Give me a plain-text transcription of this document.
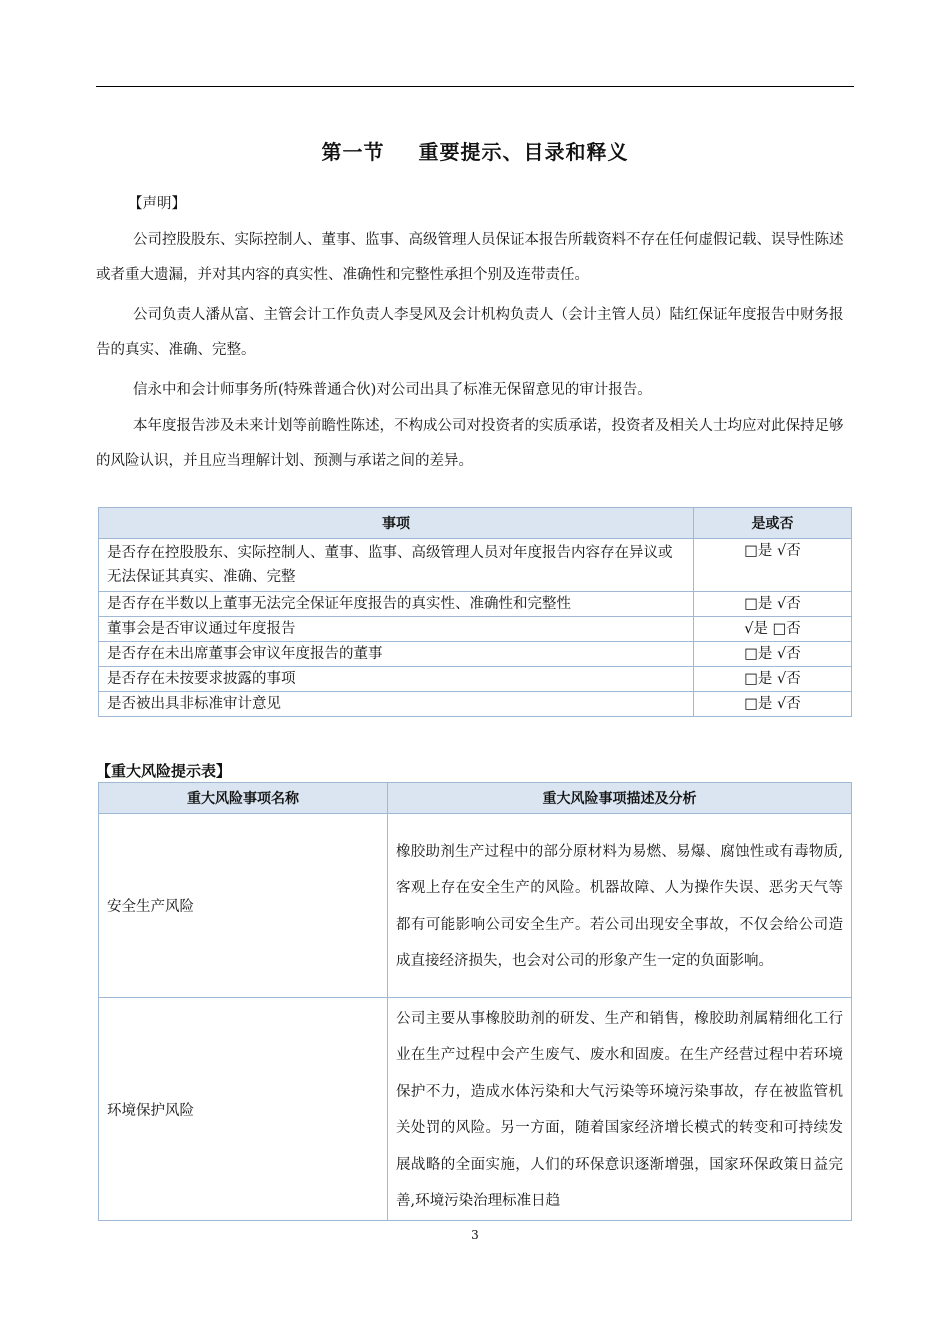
第一节 重要提示、目录和释义

【声明】

公司控股股东、实际控制人、董事、监事、高级管理人员保证本报告所载资料不存在任何虚假记载、误导性陈述或者重大遗漏，并对其内容的真实性、准确性和完整性承担个别及连带责任。

公司负责人潘从富、主管会计工作负责人李旻风及会计机构负责人（会计主管人员）陆红保证年度报告中财务报告的真实、准确、完整。

信永中和会计师事务所(特殊普通合伙)对公司出具了标准无保留意见的审计报告。

本年度报告涉及未来计划等前瞻性陈述，不构成公司对投资者的实质承诺，投资者及相关人士均应对此保持足够的风险认识，并且应当理解计划、预测与承诺之间的差异。

事项	是或否
是否存在控股股东、实际控制人、董事、监事、高级管理人员对年度报告内容存在异议或无法保证其真实、准确、完整	□是 √否
是否存在半数以上董事无法完全保证年度报告的真实性、准确性和完整性	□是 √否
董事会是否审议通过年度报告	√是 □否
是否存在未出席董事会审议年度报告的董事	□是 √否
是否存在未按要求披露的事项	□是 √否
是否被出具非标准审计意见	□是 √否
【重大风险提示表】
重大风险事项名称	重大风险事项描述及分析
安全生产风险	橡胶助剂生产过程中的部分原材料为易燃、易爆、腐蚀性或有毒物质,客观上存在安全生产的风险。机器故障、人为操作失误、恶劣天气等都有可能影响公司安全生产。若公司出现安全事故，不仅会给公司造成直接经济损失，也会对公司的形象产生一定的负面影响。
环境保护风险	公司主要从事橡胶助剂的研发、生产和销售，橡胶助剂属精细化工行业在生产过程中会产生废气、废水和固废。在生产经营过程中若环境保护不力，造成水体污染和大气污染等环境污染事故，存在被监管机关处罚的风险。另一方面，随着国家经济增长模式的转变和可持续发展战略的全面实施，人们的环保意识逐渐增强，国家环保政策日益完善,环境污染治理标准日趋
3
